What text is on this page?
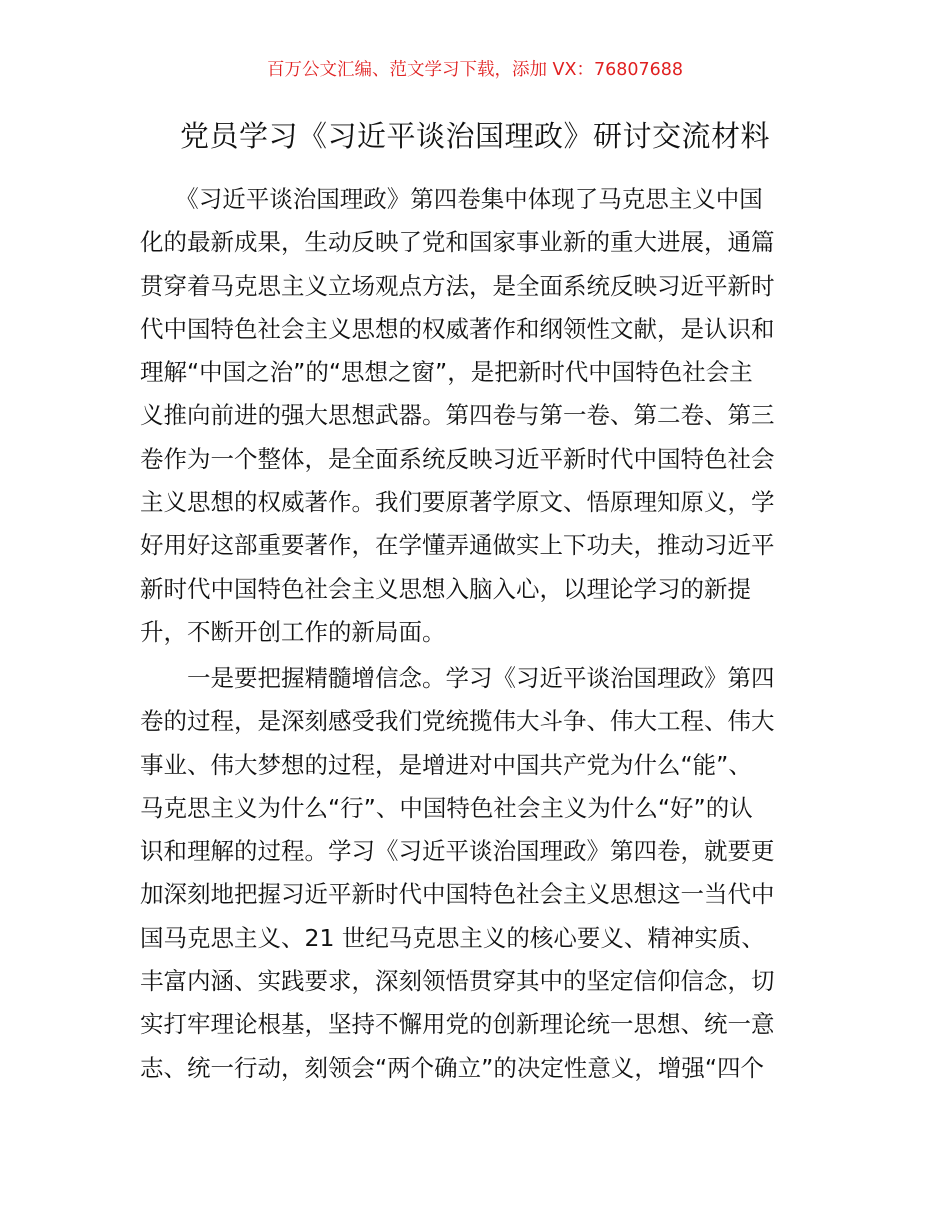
百万公文汇编、范文学习下载，添加 VX：76807688
党员学习《习近平谈治国理政》研讨交流材料
　　《习近平谈治国理政》第四卷集中体现了马克思主义中国
化的最新成果，生动反映了党和国家事业新的重大进展，通篇
贯穿着马克思主义立场观点方法，是全面系统反映习近平新时
代中国特色社会主义思想的权威著作和纲领性文献，是认识和
理解“中国之治”的“思想之窗”，是把新时代中国特色社会主
义推向前进的强大思想武器。第四卷与第一卷、第二卷、第三
卷作为一个整体，是全面系统反映习近平新时代中国特色社会
主义思想的权威著作。我们要原著学原文、悟原理知原义，学
好用好这部重要著作，在学懂弄通做实上下功夫，推动习近平
新时代中国特色社会主义思想入脑入心，以理论学习的新提
升，不断开创工作的新局面。
　　一是要把握精髓增信念。学习《习近平谈治国理政》第四
卷的过程，是深刻感受我们党统揽伟大斗争、伟大工程、伟大
事业、伟大梦想的过程，是增进对中国共产党为什么“能”、
马克思主义为什么“行”、中国特色社会主义为什么“好”的认
识和理解的过程。学习《习近平谈治国理政》第四卷，就要更
加深刻地把握习近平新时代中国特色社会主义思想这一当代中
国马克思主义、21 世纪马克思主义的核心要义、精神实质、
丰富内涵、实践要求，深刻领悟贯穿其中的坚定信仰信念，切
实打牢理论根基，坚持不懈用党的创新理论统一思想、统一意
志、统一行动，刻领会“两个确立”的决定性意义，增强“四个
